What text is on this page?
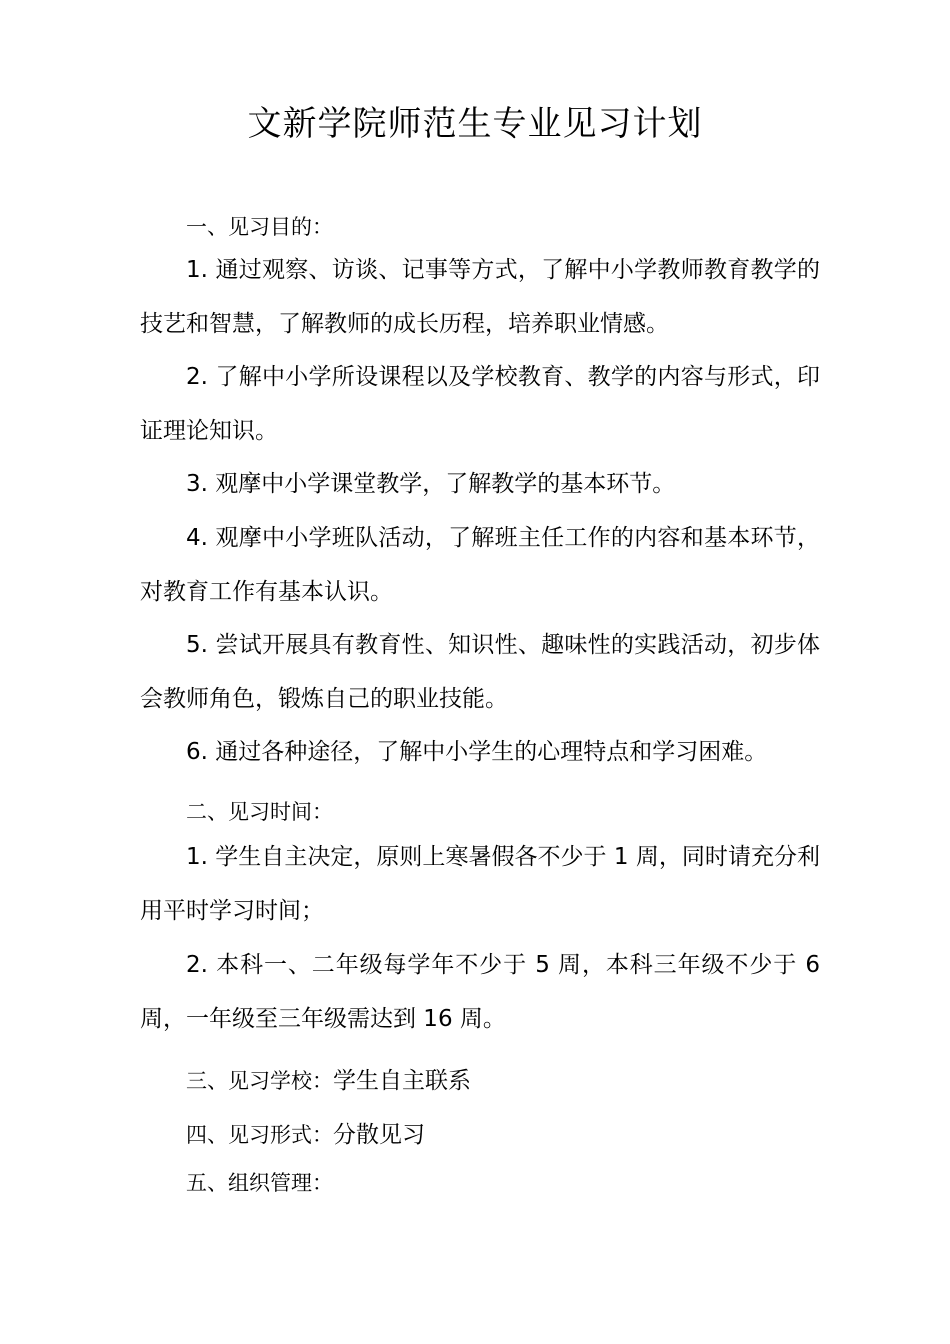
文新学院师范生专业见习计划
一、见习目的：
1. 通过观察、访谈、记事等方式，了解中小学教师教育教学的技艺和智慧，了解教师的成长历程，培养职业情感。
2. 了解中小学所设课程以及学校教育、教学的内容与形式，印证理论知识。
3. 观摩中小学课堂教学，了解教学的基本环节。
4. 观摩中小学班队活动，了解班主任工作的内容和基本环节，对教育工作有基本认识。
5. 尝试开展具有教育性、知识性、趣味性的实践活动，初步体会教师角色，锻炼自己的职业技能。
6. 通过各种途径，了解中小学生的心理特点和学习困难。
二、见习时间：
1. 学生自主决定，原则上寒暑假各不少于 1 周，同时请充分利用平时学习时间；
2. 本科一、二年级每学年不少于 5 周，本科三年级不少于 6 周，一年级至三年级需达到 16 周。
三、见习学校：学生自主联系
四、见习形式：分散见习
五、组织管理：
